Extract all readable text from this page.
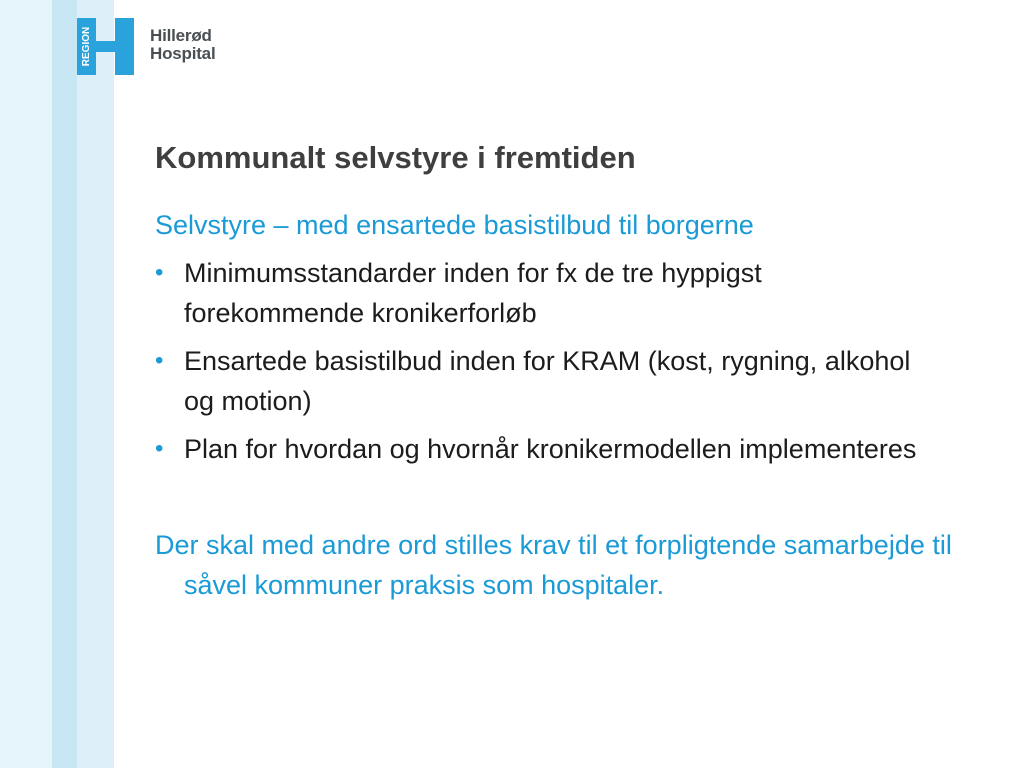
REGION	Hillerød
Hospital
Kommunalt selvstyre i fremtiden

Selvstyre – med ensartede basistilbud til borgerne

• Minimumsstandarder inden for fx de tre hyppigst forekommende kronikerforløb
• Ensartede basistilbud inden for KRAM (kost, rygning, alkohol og motion)
• Plan for hvordan og hvornår kronikermodellen implementeres

Der skal med andre ord stilles krav til et forpligtende samarbejde til såvel kommuner praksis som hospitaler.
